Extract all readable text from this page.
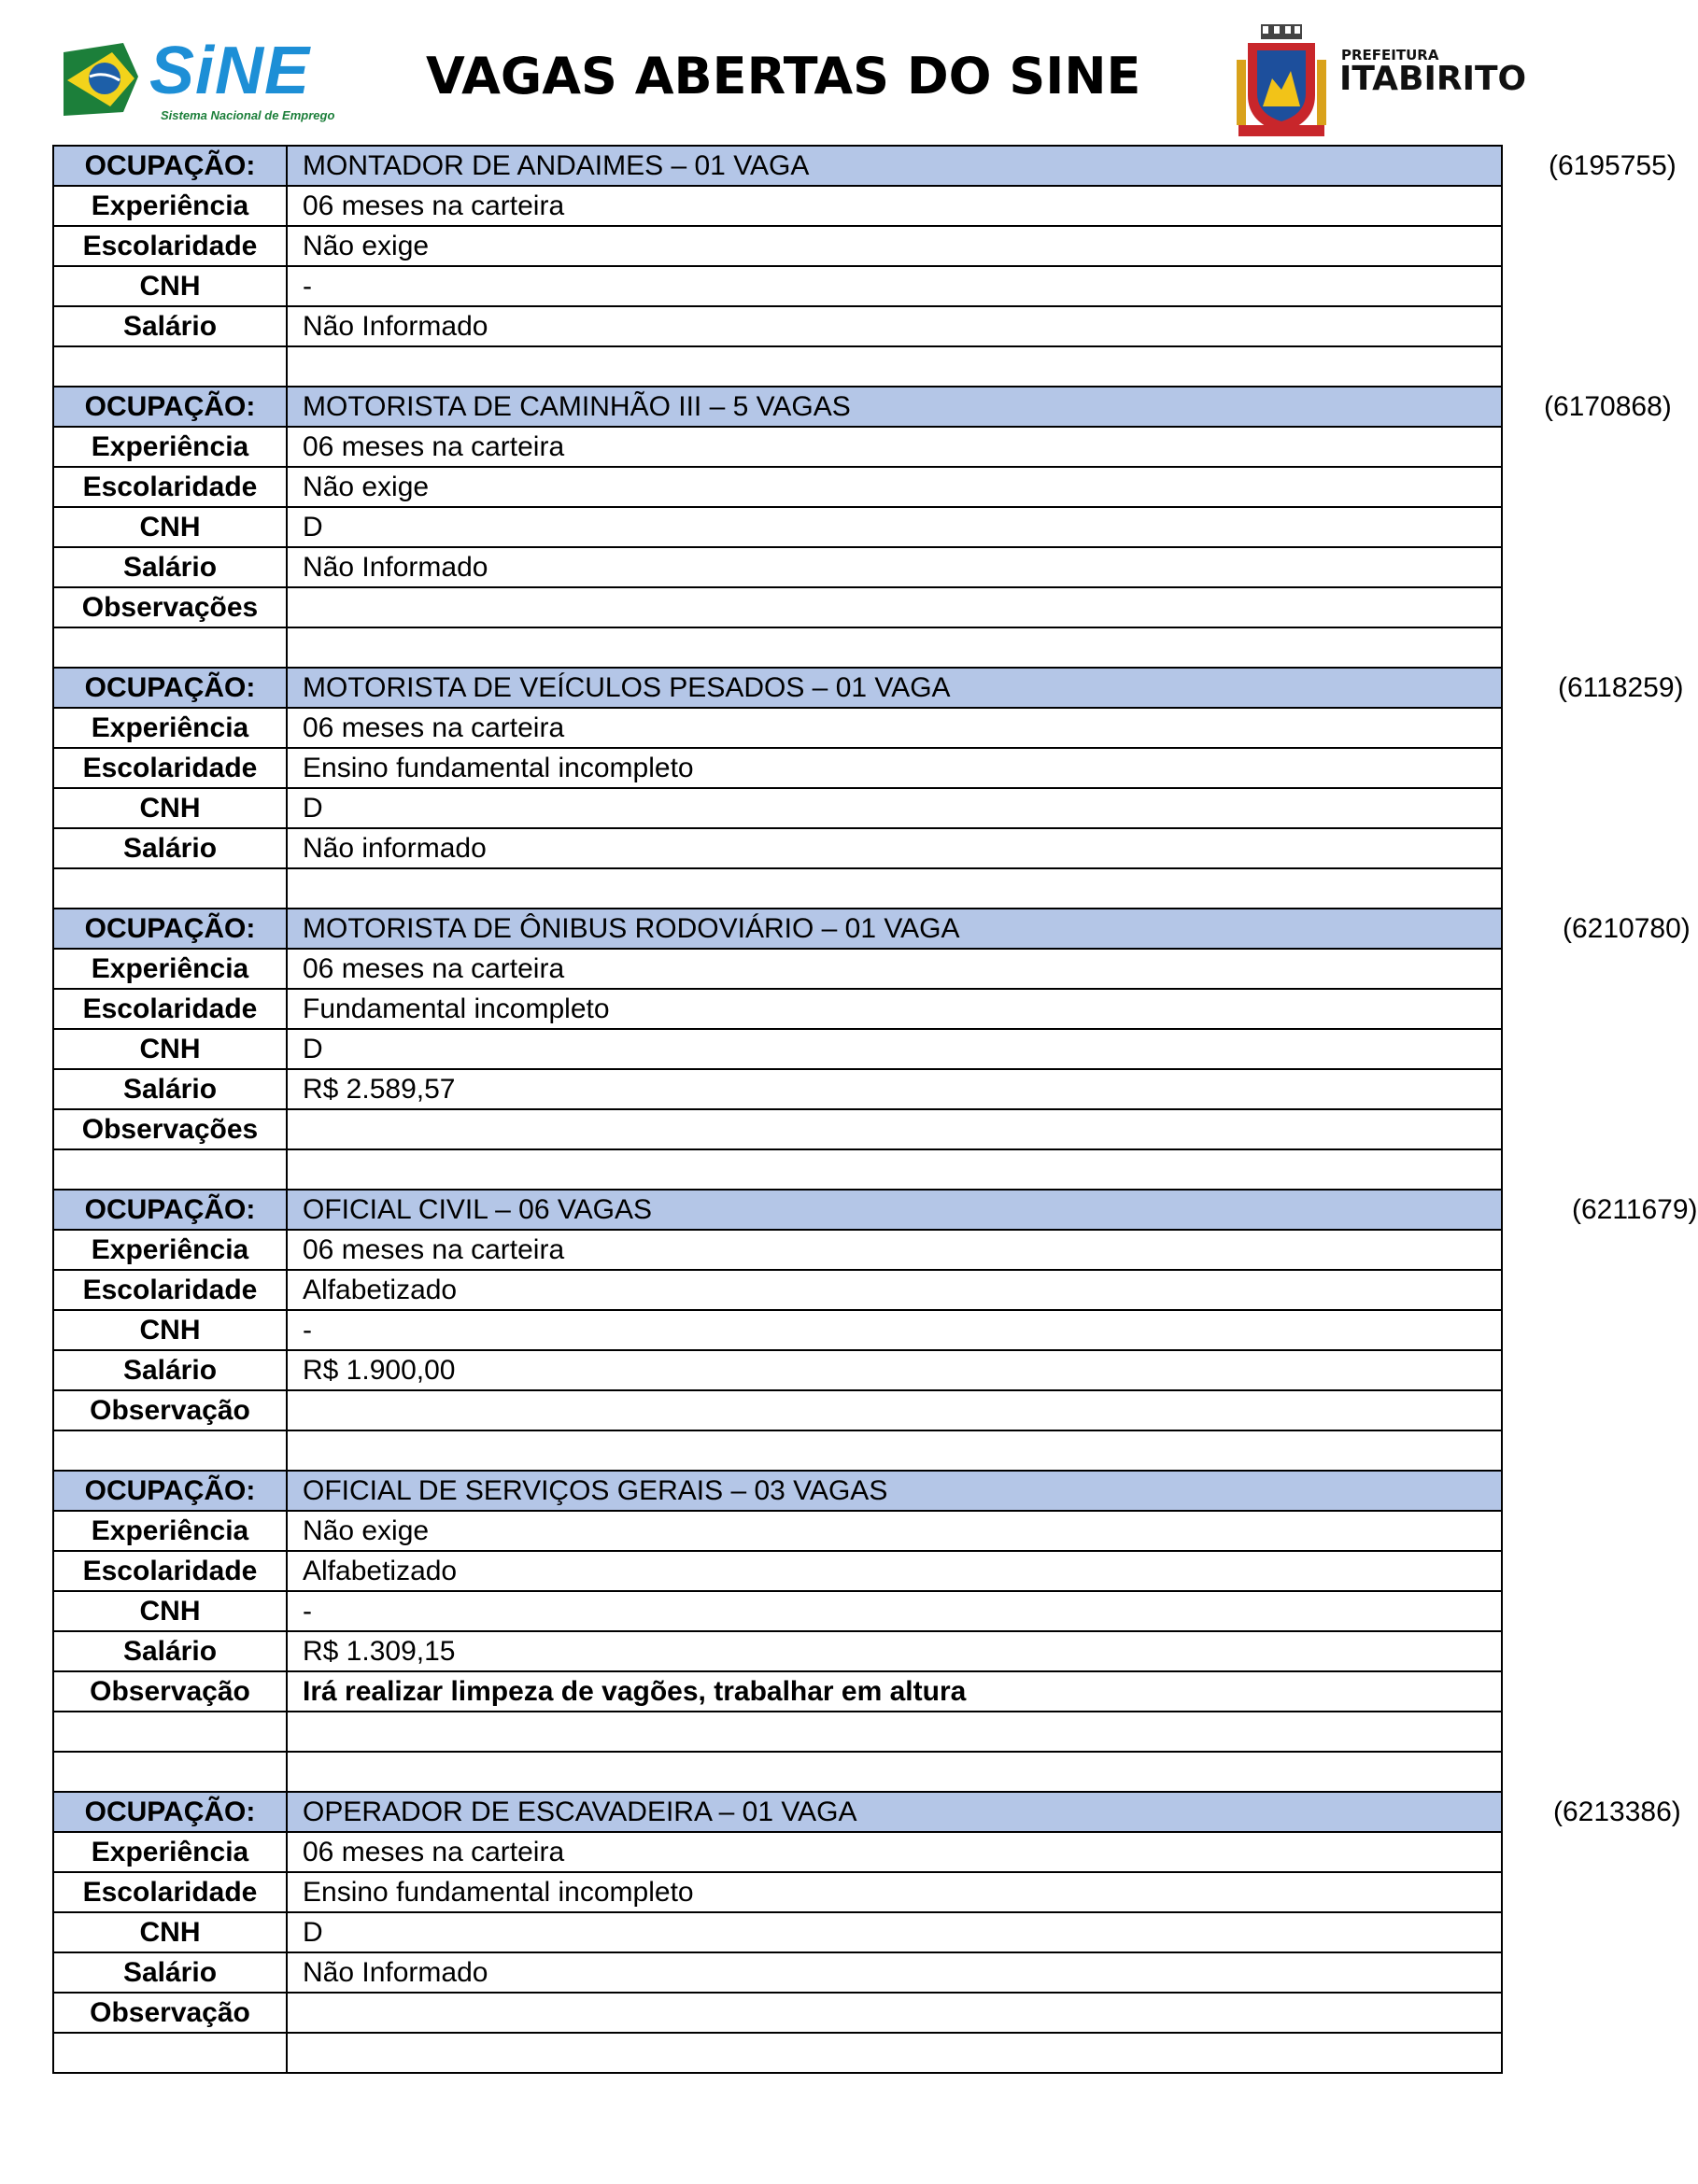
SiNE
Sistema Nacional de Emprego
VAGAS ABERTAS DO SINE	PREFEITURA
ITABIRITO
OCUPAÇÃO:	MONTADOR DE ANDAIMES – 01 VAGA (6195755)

Experiência	06 meses na carteira
Escolaridade	Não exige
CNH	-
Salário	Não Informado

OCUPAÇÃO:	MOTORISTA DE CAMINHÃO III – 5 VAGAS (6170868)

Experiência	06 meses na carteira
Escolaridade	Não exige
CNH	D
Salário	Não Informado
Observações	

OCUPAÇÃO:	MOTORISTA DE VEÍCULOS PESADOS – 01 VAGA (6118259)

Experiência	06 meses na carteira
Escolaridade	Ensino fundamental incompleto
CNH	D
Salário	Não informado

OCUPAÇÃO:	MOTORISTA DE ÔNIBUS RODOVIÁRIO – 01 VAGA (6210780)

Experiência	06 meses na carteira
Escolaridade	Fundamental incompleto
CNH	D
Salário	R$ 2.589,57
Observações	

OCUPAÇÃO:	OFICIAL CIVIL – 06 VAGAS (6211679)

Experiência	06 meses na carteira
Escolaridade	Alfabetizado
CNH	-
Salário	R$ 1.900,00
Observação	

OCUPAÇÃO:	OFICIAL DE SERVIÇOS GERAIS – 03 VAGAS
Experiência	Não exige
Escolaridade	Alfabetizado
CNH	-
Salário	R$ 1.309,15
Observação	Irá realizar limpeza de vagões, trabalhar em altura

OCUPAÇÃO:	OPERADOR DE ESCAVADEIRA – 01 VAGA (6213386)

Experiência	06 meses na carteira
Escolaridade	Ensino fundamental incompleto
CNH	D
Salário	Não Informado
Observação	
